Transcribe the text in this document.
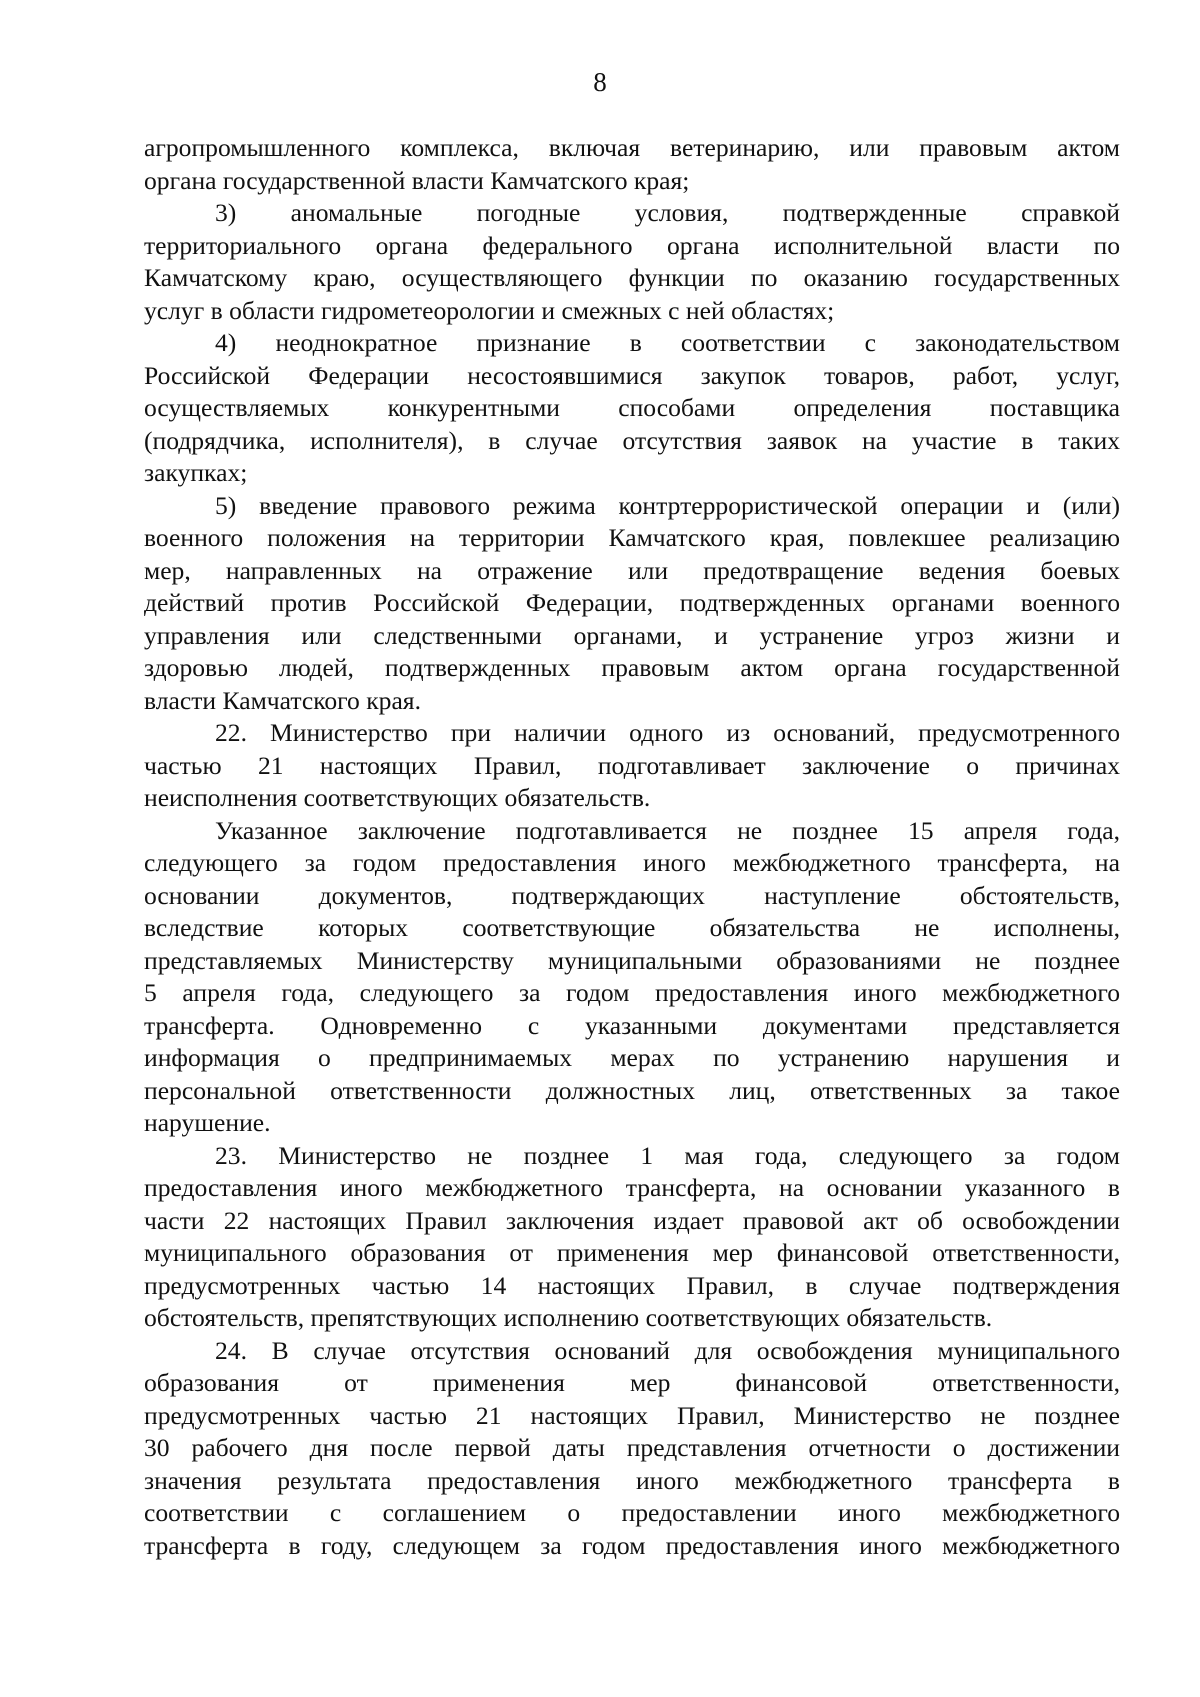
8
агропромышленного комплекса, включая ветеринарию, или правовым актом
органа государственной власти Камчатского края;
3) аномальные погодные условия, подтвержденные справкой
территориального органа федерального органа исполнительной власти по
Камчатскому краю, осуществляющего функции по оказанию государственных
услуг в области гидрометеорологии и смежных с ней областях;
4) неоднократное признание в соответствии с законодательством
Российской Федерации несостоявшимися закупок товаров, работ, услуг,
осуществляемых конкурентными способами определения поставщика
(подрядчика, исполнителя), в случае отсутствия заявок на участие в таких
закупках;
5) введение правового режима контртеррористической операции и (или)
военного положения на территории Камчатского края, повлекшее реализацию
мер, направленных на отражение или предотвращение ведения боевых
действий против Российской Федерации, подтвержденных органами военного
управления или следственными органами, и устранение угроз жизни и
здоровью людей, подтвержденных правовым актом органа государственной
власти Камчатского края.
22. Министерство при наличии одного из оснований, предусмотренного
частью 21 настоящих Правил, подготавливает заключение о причинах
неисполнения соответствующих обязательств.
Указанное заключение подготавливается не позднее 15 апреля года,
следующего за годом предоставления иного межбюджетного трансферта, на
основании документов, подтверждающих наступление обстоятельств,
вследствие которых соответствующие обязательства не исполнены,
представляемых Министерству муниципальными образованиями не позднее
5 апреля года, следующего за годом предоставления иного межбюджетного
трансферта. Одновременно с указанными документами представляется
информация о предпринимаемых мерах по устранению нарушения и
персональной ответственности должностных лиц, ответственных за такое
нарушение.
23. Министерство не позднее 1 мая года, следующего за годом
предоставления иного межбюджетного трансферта, на основании указанного в
части 22 настоящих Правил заключения издает правовой акт об освобождении
муниципального образования от применения мер финансовой ответственности,
предусмотренных частью 14 настоящих Правил, в случае подтверждения
обстоятельств, препятствующих исполнению соответствующих обязательств.
24. В случае отсутствия оснований для освобождения муниципального
образования от применения мер финансовой ответственности,
предусмотренных частью 21 настоящих Правил, Министерство не позднее
30 рабочего дня после первой даты представления отчетности о достижении
значения результата предоставления иного межбюджетного трансферта в
соответствии с соглашением о предоставлении иного межбюджетного
трансферта в году, следующем за годом предоставления иного межбюджетного
